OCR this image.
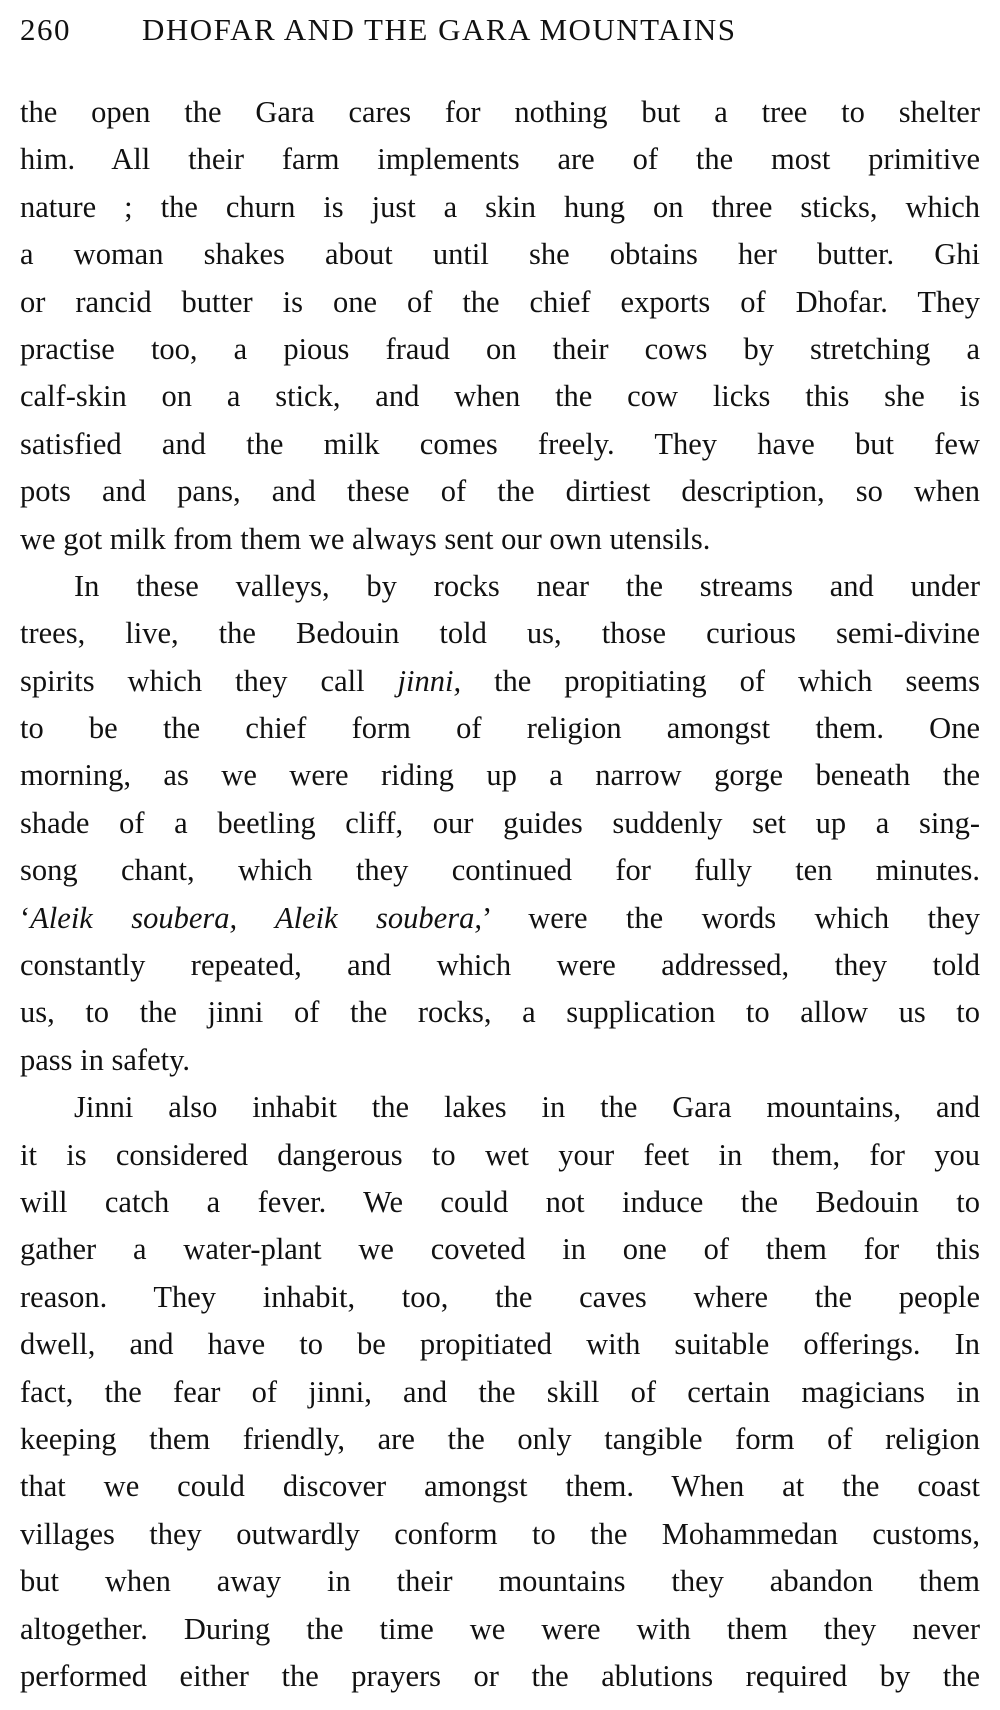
260 DHOFAR AND THE GARA MOUNTAINS
the open the Gara cares for nothing but a tree to shelter
him. All their farm implements are of the most primitive
nature ; the churn is just a skin hung on three sticks, which
a woman shakes about until she obtains her butter. Ghi
or rancid butter is one of the chief exports of Dhofar. They
practise too, a pious fraud on their cows by stretching a
calf-skin on a stick, and when the cow licks this she is
satisfied and the milk comes freely. They have but few
pots and pans, and these of the dirtiest description, so when
we got milk from them we always sent our own utensils.
In these valleys, by rocks near the streams and under
trees, live, the Bedouin told us, those curious semi-divine
spirits which they call jinni, the propitiating of which seems
to be the chief form of religion amongst them. One
morning, as we were riding up a narrow gorge beneath the
shade of a beetling cliff, our guides suddenly set up a sing-
song chant, which they continued for fully ten minutes.
‘Aleik soubera, Aleik soubera,’ were the words which they
constantly repeated, and which were addressed, they told
us, to the jinni of the rocks, a supplication to allow us to
pass in safety.
Jinni also inhabit the lakes in the Gara mountains, and
it is considered dangerous to wet your feet in them, for you
will catch a fever. We could not induce the Bedouin to
gather a water-plant we coveted in one of them for this
reason. They inhabit, too, the caves where the people
dwell, and have to be propitiated with suitable offerings. In
fact, the fear of jinni, and the skill of certain magicians in
keeping them friendly, are the only tangible form of religion
that we could discover amongst them. When at the coast
villages they outwardly conform to the Mohammedan customs,
but when away in their mountains they abandon them
altogether. During the time we were with them they never
performed either the prayers or the ablutions required by the
